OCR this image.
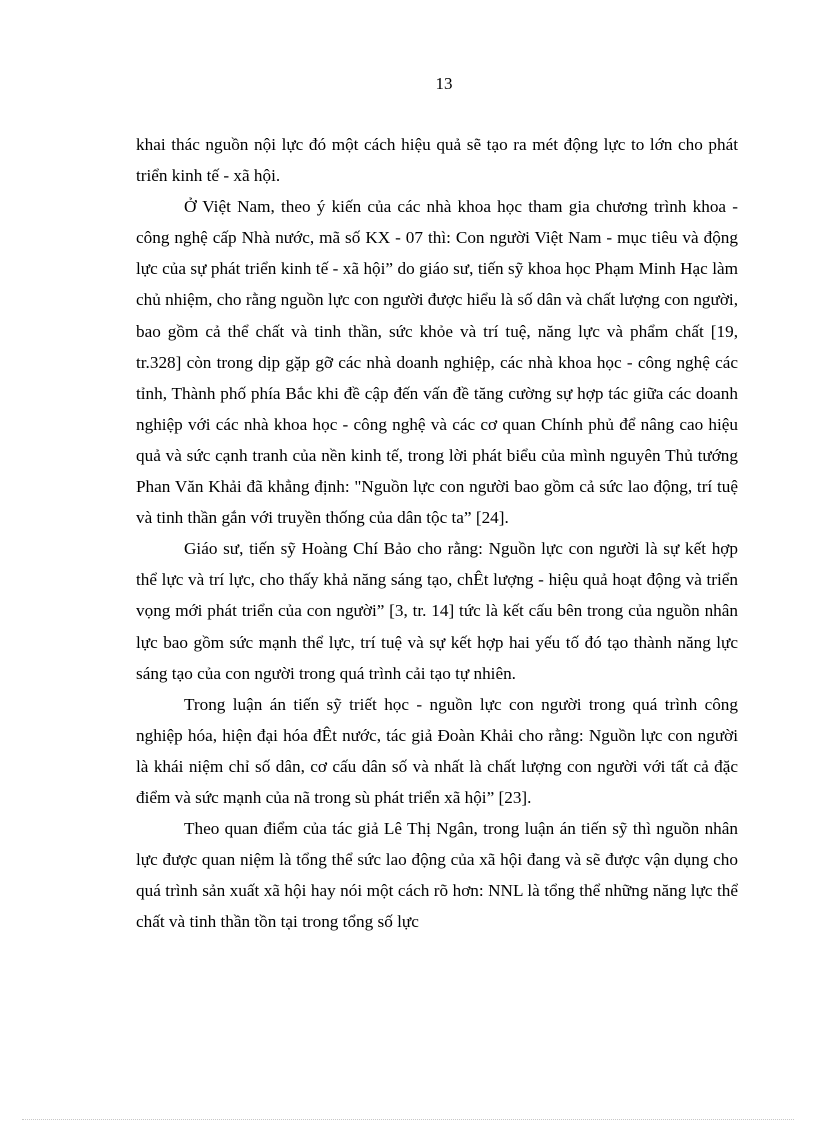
13

khai thác nguồn nội lực đó một cách hiệu quả sẽ tạo ra mét động lực to lớn cho phát triển kinh tế - xã hội.

Ở Việt Nam, theo ý kiến của các nhà khoa học tham gia chương trình khoa - công nghệ cấp Nhà nước, mã số KX - 07 thì: Con người Việt Nam - mục tiêu và động lực của sự phát triển kinh tế - xã hội” do giáo sư, tiến sỹ khoa học Phạm Minh Hạc làm chủ nhiệm, cho rằng nguồn lực con người được hiểu là số dân và chất lượng con người, bao gồm cả thể chất và tinh thần, sức khỏe và trí tuệ, năng lực và phẩm chất [19, tr.328] còn trong dịp gặp gỡ các nhà doanh nghiệp, các nhà khoa học - công nghệ các tỉnh, Thành phố phía Bắc khi đề cập đến vấn đề tăng cường sự hợp tác giữa các doanh nghiệp với các nhà khoa học - công nghệ và các cơ quan Chính phủ để nâng cao hiệu quả và sức cạnh tranh của nền kinh tế, trong lời phát biểu của mình nguyên Thủ tướng Phan Văn Khải đã khẳng định: "Nguồn lực con người bao gồm cả sức lao động, trí tuệ và tinh thần gắn với truyền thống của dân tộc ta” [24].

Giáo sư, tiến sỹ Hoàng Chí Bảo cho rằng: Nguồn lực con người là sự kết hợp thể lực và trí lực, cho thấy khả năng sáng tạo, chÊt lượng - hiệu quả hoạt động và triển vọng mới phát triển của con người” [3, tr. 14] tức là kết cấu bên trong của nguồn nhân lực bao gồm sức mạnh thể lực, trí tuệ và sự kết hợp hai yếu tố đó tạo thành năng lực sáng tạo của con người trong quá trình cải tạo tự nhiên.

Trong luận án tiến sỹ triết học - nguồn lực con người trong quá trình công nghiệp hóa, hiện đại hóa đÊt nước, tác giả Đoàn Khải cho rằng: Nguồn lực con người là khái niệm chỉ số dân, cơ cấu dân số và nhất là chất lượng con người với tất cả đặc điểm và sức mạnh của nã trong sù phát triển xã hội” [23].

Theo quan điểm của tác giả Lê Thị Ngân, trong luận án tiến sỹ thì nguồn nhân lực được quan niệm là tổng thể sức lao động của xã hội đang và sẽ được vận dụng cho quá trình sản xuất xã hội hay nói một cách rõ hơn: NNL là tổng thể những năng lực thể chất và tinh thần tồn tại trong tổng số lực
